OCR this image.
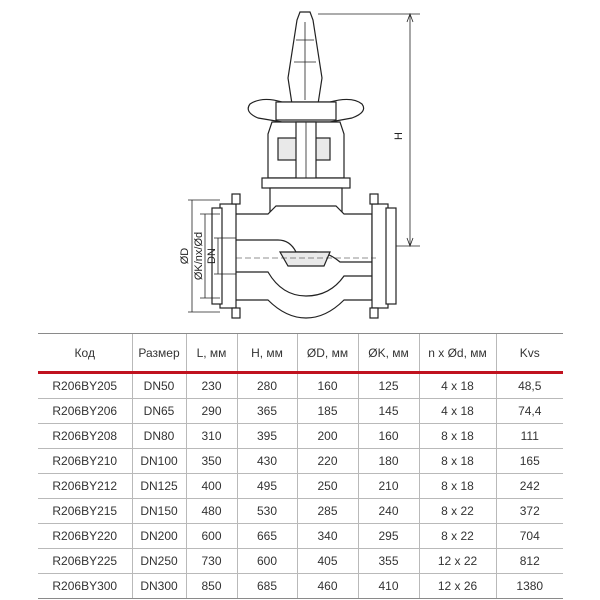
H
ØD ØK/nx/Ød DN
Код	Размер	L, мм	H, мм	ØD, мм	ØK, мм	n x Ød, мм	Kvs
R206BY205	DN50	230	280	160	125	4 x 18	48,5
R206BY206	DN65	290	365	185	145	4 x 18	74,4
R206BY208	DN80	310	395	200	160	8 x 18	111
R206BY210	DN100	350	430	220	180	8 x 18	165
R206BY212	DN125	400	495	250	210	8 x 18	242
R206BY215	DN150	480	530	285	240	8 x 22	372
R206BY220	DN200	600	665	340	295	8 x 22	704
R206BY225	DN250	730	600	405	355	12 x 22	812
R206BY300	DN300	850	685	460	410	12 x 26	1380
